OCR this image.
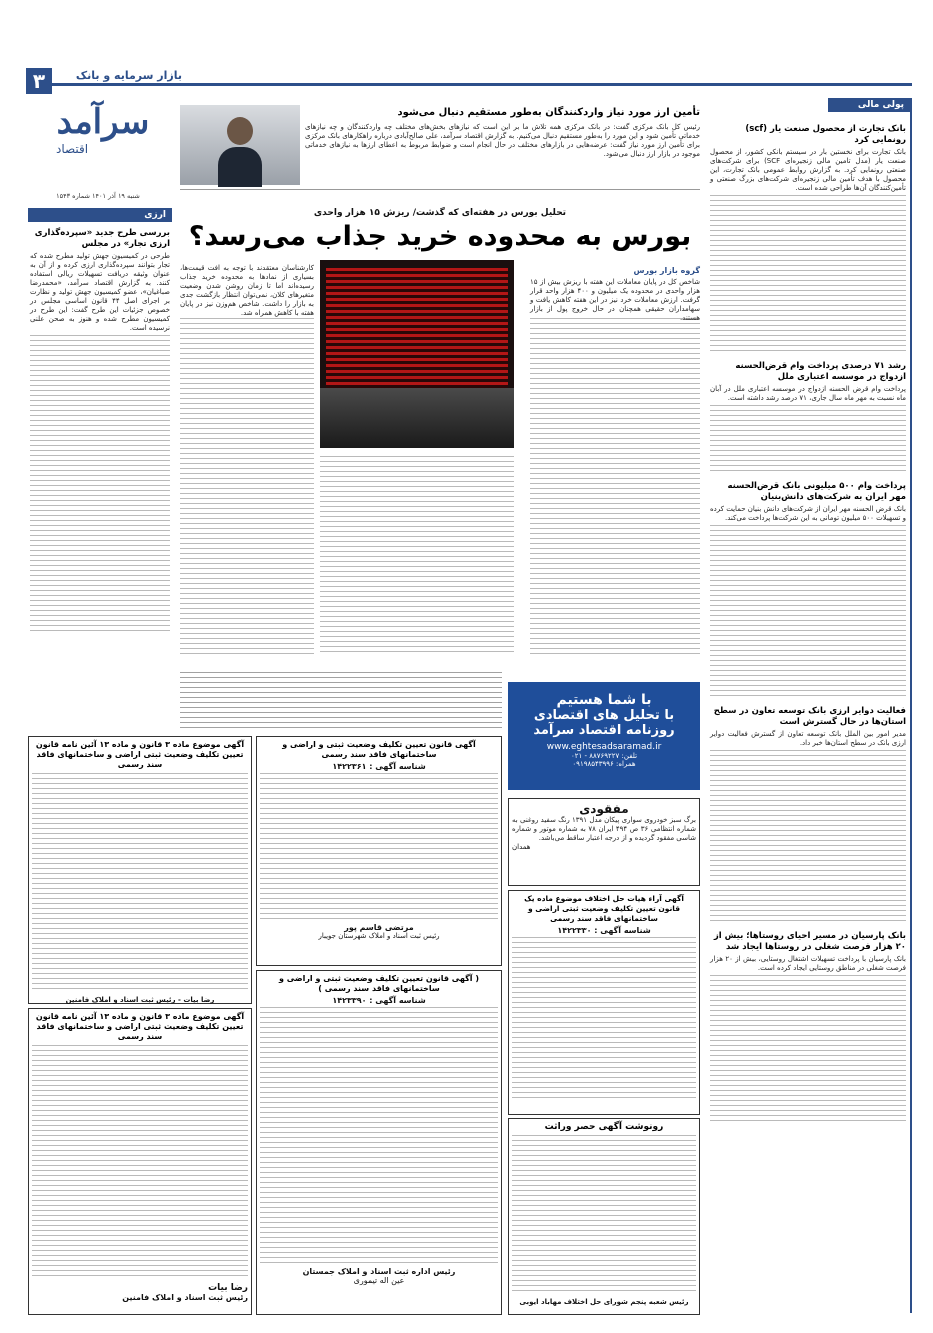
۳
سرآمد
اقتصاد
شنبه ۱۹ آذر ۱۴۰۱ شماره ۱۵۴۳
بازار سرمایه و بانک
پولی مالی
بانک تجارت از محصول صنعت یار (scf) رونمایی کرد
بانک تجارت برای نخستین بار در سیستم بانکی کشور، از محصول صنعت یار (مدل تامین مالی زنجیره‌ای SCF) برای شرکت‌های صنعتی رونمایی کرد. به گزارش روابط عمومی بانک تجارت، این محصول با هدف تأمین مالی زنجیره‌ای شرکت‌های بزرگ صنعتی و تأمین‌کنندگان آن‌ها طراحی شده است.
رشد ۷۱ درصدی پرداخت وام قرض‌الحسنه ازدواج در موسسه اعتباری ملل
پرداخت وام قرض الحسنه ازدواج در موسسه اعتباری ملل در آبان ماه نسبت به مهر ماه سال جاری، ۷۱ درصد رشد داشته است.
پرداخت وام ۵۰۰ میلیونی بانک قرض‌الحسنه مهر ایران به شرکت‌های دانش‌بنیان
بانک قرض الحسنه مهر ایران از شرکت‌های دانش بنیان حمایت کرده و تسهیلات ۵۰۰ میلیون تومانی به این شرکت‌ها پرداخت می‌کند.
فعالیت دوایر ارزی بانک توسعه تعاون در سطح استان‌ها در حال گسترش است
مدیر امور بین الملل بانک توسعه تعاون از گسترش فعالیت دوایر ارزی بانک در سطح استان‌ها خبر داد.
بانک پارسیان در مسیر احیای روستاها؛ بیش از ۲۰ هزار فرصت شغلی در روستاها ایجاد شد
بانک پارسیان با پرداخت تسهیلات اشتغال روستایی، بیش از ۲۰ هزار فرصت شغلی در مناطق روستایی ایجاد کرده است.
تأمین ارز مورد نیاز واردکنندگان به‌طور مستقیم دنبال می‌شود
رئیس کل بانک مرکزی گفت: در بانک مرکزی همه تلاش ما بر این است که نیازهای بخش‌های مختلف چه واردکنندگان و چه نیازهای خدماتی تأمین شود و این مورد را به‌طور مستقیم دنبال می‌کنیم. به گزارش اقتصاد سرآمد، علی صالح‌آبادی درباره راهکارهای بانک مرکزی برای تأمین ارز مورد نیاز گفت: عرضه‌هایی در بازارهای مختلف در حال انجام است و ضوابط مربوط به اعطای ارزها به نیازهای خدماتی موجود در بازار ارز دنبال می‌شود.
تحلیل بورس در هفته‌ای که گذشت/ ریزش ۱۵ هزار واحدی
بورس به محدوده خرید جذاب می‌رسد؟
گروه بازار بورس
شاخص کل در پایان معاملات این هفته با ریزش بیش از ۱۵ هزار واحدی در محدوده یک میلیون و ۴۰۰ هزار واحد قرار گرفت. ارزش معاملات خرد نیز در این هفته کاهش یافت و سهامداران حقیقی همچنان در حال خروج پول از بازار هستند.
کارشناسان معتقدند با توجه به افت قیمت‌ها، بسیاری از نمادها به محدوده خرید جذاب رسیده‌اند اما تا زمان روشن شدن وضعیت متغیرهای کلان، نمی‌توان انتظار بازگشت جدی به بازار را داشت. شاخص هم‌وزن نیز در پایان هفته با کاهش همراه شد.
ارزی
بررسی طرح جدید «سپرده‌گذاری ارزی تجار» در مجلس
طرحی در کمیسیون جهش تولید مطرح شده که تجار بتوانند سپرده‌گذاری ارزی کرده و از آن به عنوان وثیقه دریافت تسهیلات ریالی استفاده کنند. به گزارش اقتصاد سرآمد، «محمدرضا صباغیان»، عضو کمیسیون جهش تولید و نظارت بر اجرای اصل ۴۴ قانون اساسی مجلس در خصوص جزئیات این طرح گفت: این طرح در کمیسیون مطرح شده و هنوز به صحن علنی نرسیده است.
با شما هستیم
با تحلیل های اقتصادی
روزنامه اقتصاد سرآمد
www.eghtesadsaramad.ir
تلفن: ۸۸۷۶۹۲۲۷ - ۰۲۱
همراه: ۰۹۱۹۸۵۴۳۹۹۶
مفقودی
برگ سبز خودروی سواری پیکان مدل ۱۳۹۱ رنگ سفید روغنی به شماره انتظامی ۳۶ ص ۴۹۴ ایران ۷۸ به شماره موتور و شماره شاسی مفقود گردیده و از درجه اعتبار ساقط می‌باشد.
همدان
آگهی قانون تعیین تکلیف وضعیت ثبتی و اراضی و ساختمانهای فاقد سند رسمی
شناسه آگهی : ۱۴۲۲۳۶۱
مرتضی قاسم پور
رئیس ثبت اسناد و املاک شهرستان جویبار
( آگهی قانون تعیین تکلیف وضعیت ثبتی و اراضی و ساختمانهای فاقد سند رسمی )
شناسه آگهی : ۱۴۲۳۳۹۰
رئیس اداره ثبت اسناد و املاک جمستان
عین اله تیموری
آگهی آراء هیات حل اختلاف موضوع ماده یک قانون تعیین تکلیف وضعیت ثبتی اراضی و ساختمانهای فاقد سند رسمی
شناسه آگهی : ۱۴۲۲۳۳۰
رونوشت آگهی حصر وراثت
رئیس شعبه پنجم شورای حل اختلاف مهاباد ایوبی
آگهی موضوع ماده ۳ قانون و ماده ۱۳ آئین نامه قانون تعیین تکلیف وضعیت ثبتی اراضی و ساختمانهای فاقد سند رسمی
رضا بیات - رئیس ثبت اسناد و املاک فامنین
آگهی موضوع ماده ۳ قانون و ماده ۱۳ آئین نامه قانون تعیین تکلیف وضعیت ثبتی اراضی و ساختمانهای فاقد سند رسمی
رضا بیات
رئیس ثبت اسناد و املاک فامنین
